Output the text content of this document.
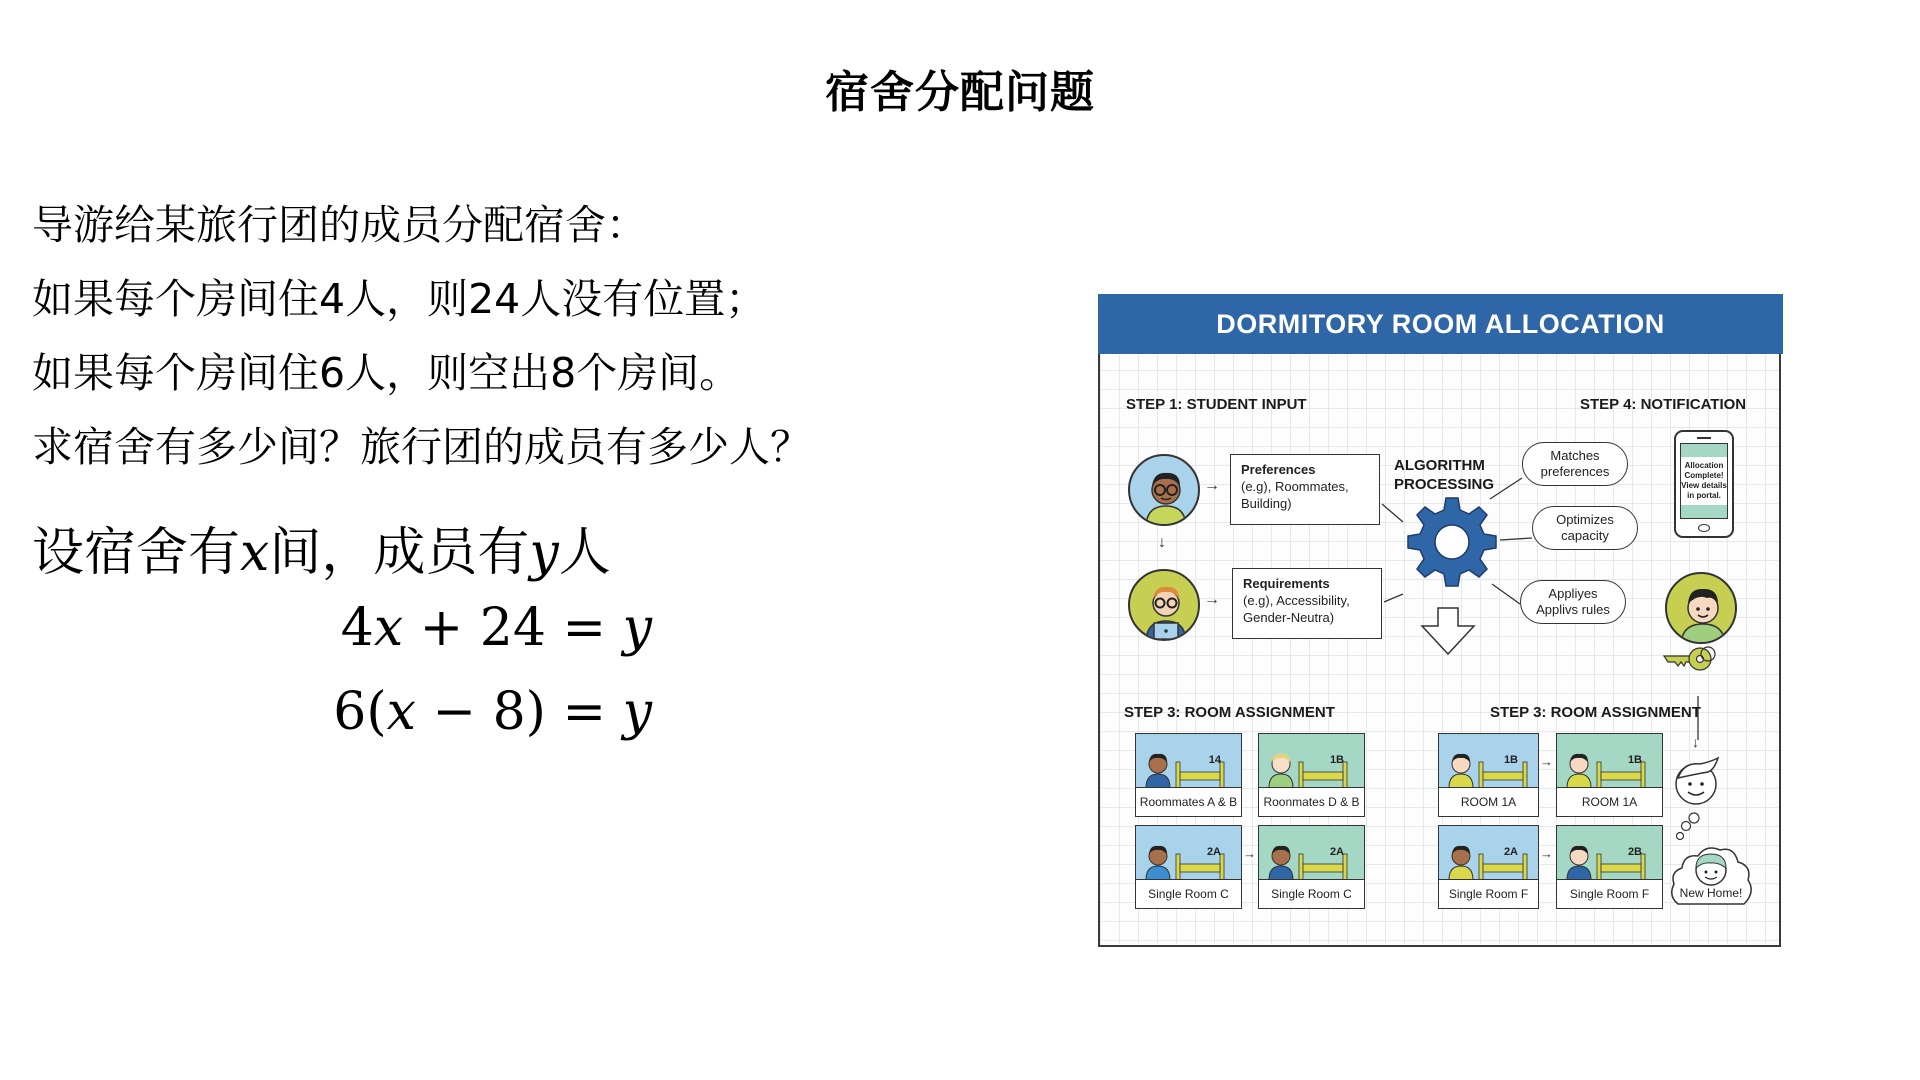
宿舍分配问题
导游给某旅行团的成员分配宿舍：
如果每个房间住4人，则24人没有位置；
如果每个房间住6人，则空出8个房间。
求宿舍有多少间？旅行团的成员有多少人？
设宿舍有x间，成员有y人
4x + 24 = y
6(x − 8) = y
DORMITORY ROOM ALLOCATION
STEP 1: STUDENT INPUT	STEP 4: NOTIFICATION
↓
→
→
Preferences
(e.g), Roommates, Building)
Requirements
(e.g), Accessibility, Gender-Neutra)
ALGORITHM
PROCESSING
Matches
preferences
Optimizes
capacity
Appliyes
Applivs rules
Allocation
Complete!
View details
in portal.
↓
New Home!
STEP 3: ROOM ASSIGNMENT	STEP 3: ROOM ASSIGNMENT
14
Roommates A & B
1B
Roonmates D & B
1B
ROOM 1A
1B
ROOM 1A
2A
Single Room C
2A
Single Room C
2A
Single Room F
2B
Single Room F
→
→	→
